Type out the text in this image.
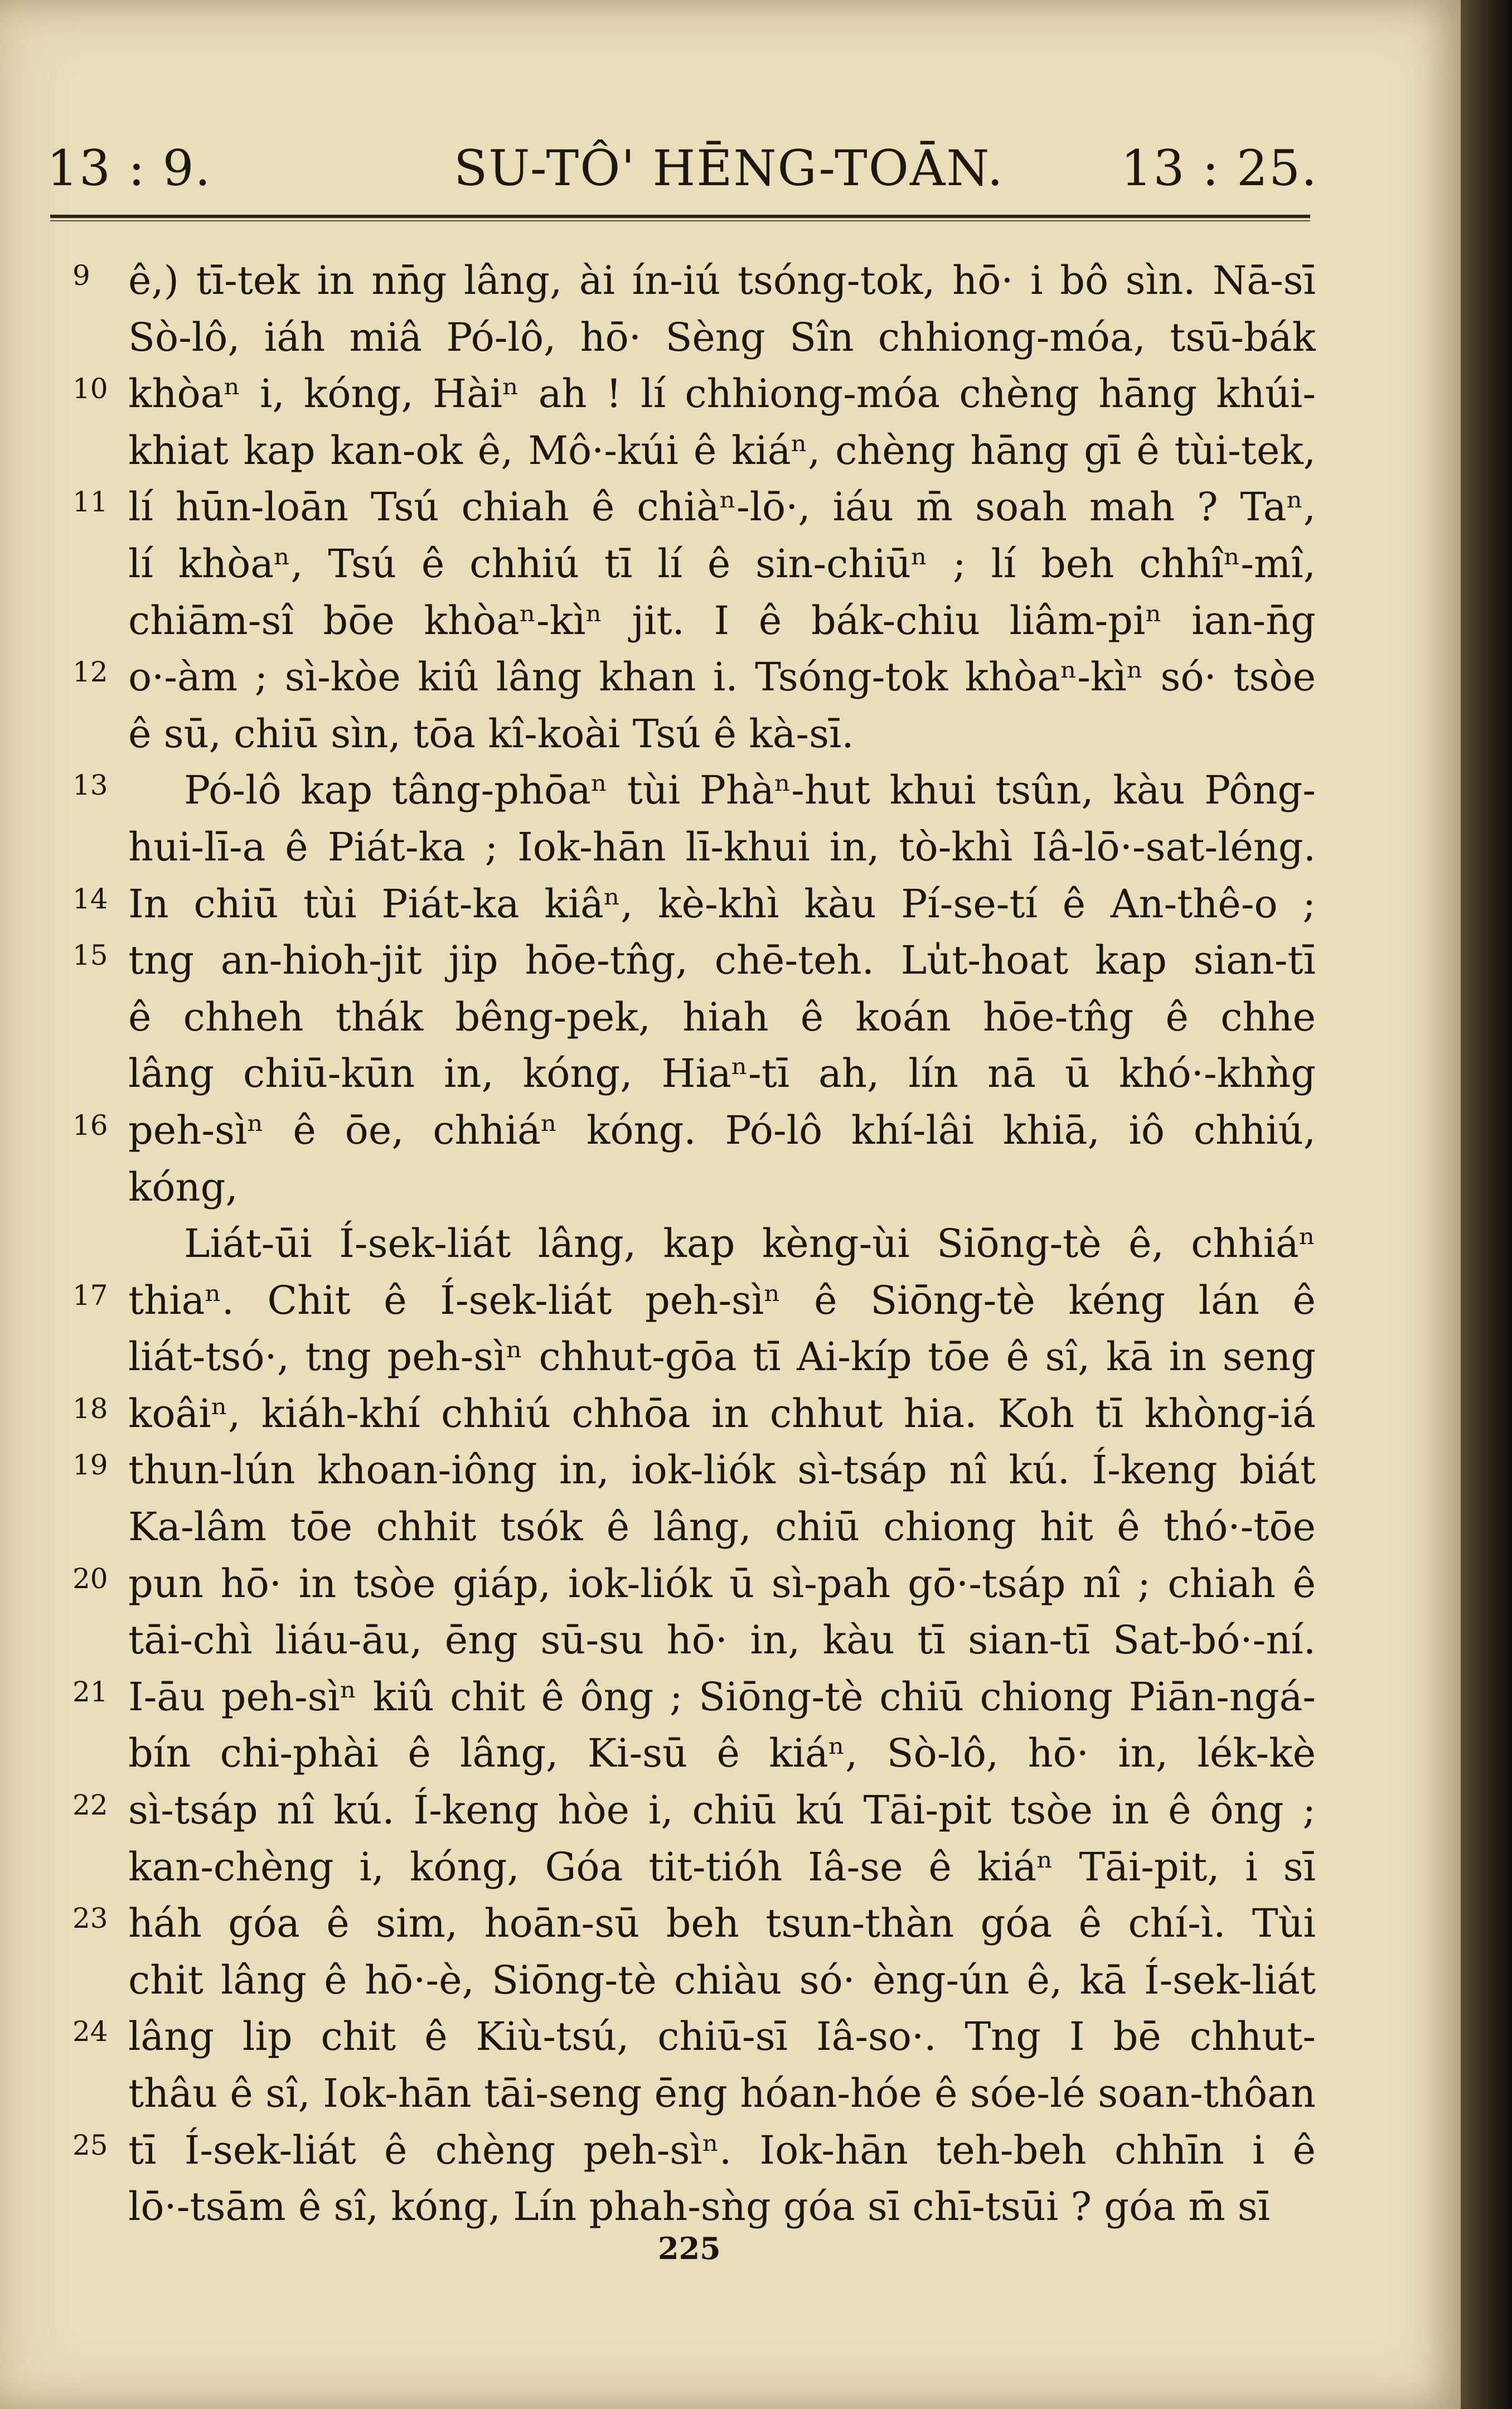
13 : 9.	SU-TÔ' HĒNG-TOĀN. 13 : 25.
9 ê,) tī-tek in nn̄g lâng, ài ín-iú tsóng-tok, hō· i bô sìn. Nā-sī
Sò-lô, iáh miâ Pó-lô, hō· Sèng Sîn chhiong-móa, tsū-bák
10 khòaⁿ i, kóng, Hàiⁿ ah ! lí chhiong-móa chèng hāng khúi-
khiat kap kan-ok ê, Mô·-kúi ê kiáⁿ, chèng hāng gī ê tùi-tek,
11 lí hūn-loān Tsú chiah ê chiàⁿ-lō·, iáu m̄ soah mah ? Taⁿ,
lí khòaⁿ, Tsú ê chhiú tī lí ê sin-chiūⁿ ; lí beh chhîⁿ-mî,
chiām-sî bōe khòaⁿ-kìⁿ jit. I ê bák-chiu liâm-piⁿ ian-n̄g
12 o·-àm ; sì-kòe kiû lâng khan i. Tsóng-tok khòaⁿ-kìⁿ só· tsòe
ê sū, chiū sìn, tōa kî-koài Tsú ê kà-sī.
13 Pó-lô kap tâng-phōaⁿ tùi Phàⁿ-hut khui tsûn, kàu Pông-
hui-lī-a ê Piát-ka ; Iok-hān lī-khui in, tò-khì Iâ-lō·-sat-léng.
14 In chiū tùi Piát-ka kiâⁿ, kè-khì kàu Pí-se-tí ê An-thê-o ;
15 tng an-hioh-jit jip hōe-tn̂g, chē-teh. Lu̍t-hoat kap sian-tī
ê chheh thák bêng-pek, hiah ê koán hōe-tn̂g ê chhe
lâng chiū-kūn in, kóng, Hiaⁿ-tī ah, lín nā ū khó·-khǹg
16 peh-sìⁿ ê ōe, chhiáⁿ kóng. Pó-lô khí-lâi khiā, iô chhiú,
kóng,
Liát-ūi Í-sek-liát lâng, kap kèng-ùi Siōng-tè ê, chhiáⁿ
17 thiaⁿ. Chit ê Í-sek-liát peh-sìⁿ ê Siōng-tè kéng lán ê
liát-tsó·, tng peh-sìⁿ chhut-gōa tī Ai-kíp tōe ê sî, kā in seng
18 koâiⁿ, kiáh-khí chhiú chhōa in chhut hia. Koh tī khòng-iá
19 thun-lún khoan-iông in, iok-liók sì-tsáp nî kú. Í-keng biát
Ka-lâm tōe chhit tsók ê lâng, chiū chiong hit ê thó·-tōe
20 pun hō· in tsòe giáp, iok-liók ū sì-pah gō·-tsáp nî ; chiah ê
tāi-chì liáu-āu, ēng sū-su hō· in, kàu tī sian-tī Sat-bó·-ní.
21 I-āu peh-sìⁿ kiû chit ê ông ; Siōng-tè chiū chiong Piān-ngá-
bín chi-phài ê lâng, Ki-sū ê kiáⁿ, Sò-lô, hō· in, lék-kè
22 sì-tsáp nî kú. Í-keng hòe i, chiū kú Tāi-pit tsòe in ê ông ;
kan-chèng i, kóng, Góa tit-tióh Iâ-se ê kiáⁿ Tāi-pit, i sī
23 háh góa ê sim, hoān-sū beh tsun-thàn góa ê chí-ì. Tùi
chit lâng ê hō·-è, Siōng-tè chiàu só· èng-ún ê, kā Í-sek-liát
24 lâng lip chit ê Kiù-tsú, chiū-sī Iâ-so·. Tng I bē chhut-
thâu ê sî, Iok-hān tāi-seng ēng hóan-hóe ê sóe-lé soan-thôan
25 tī Í-sek-liát ê chèng peh-sìⁿ. Iok-hān teh-beh chhīn i ê
lō·-tsām ê sî, kóng, Lín phah-sǹg góa sī chī-tsūi ? góa m̄ sī
225
